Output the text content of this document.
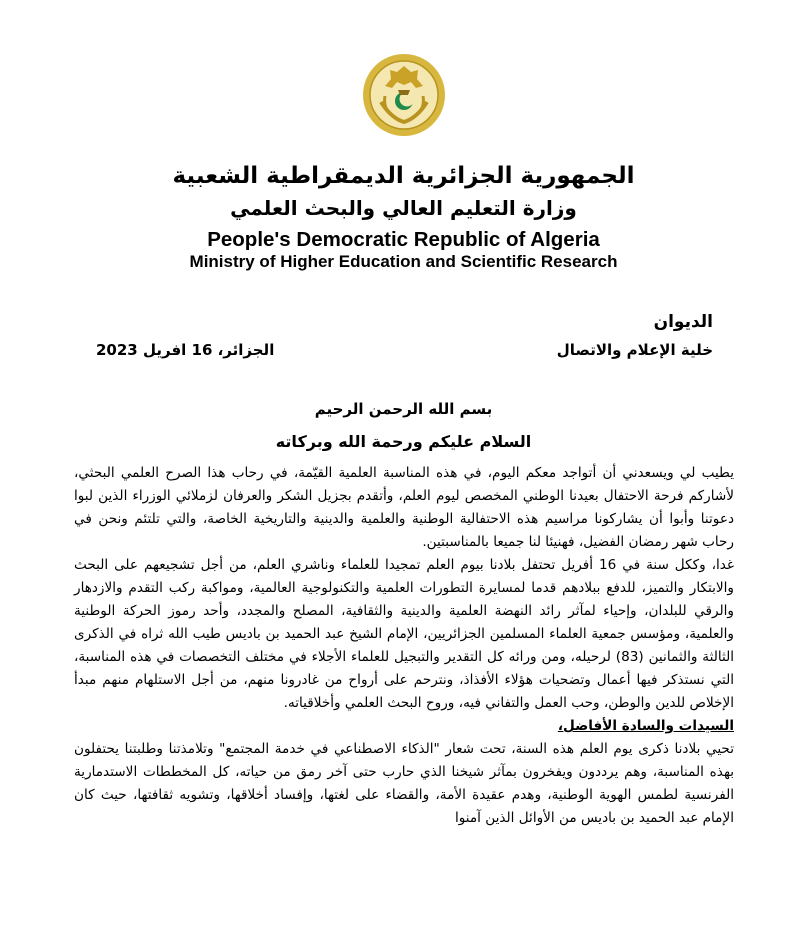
الجمهورية الجزائرية الديمقراطية الشعبية
وزارة التعليم العالي والبحث العلمي
People's Democratic Republic of Algeria
Ministry of Higher Education and Scientific Research
الديوان
خلية الإعلام والاتصال
الجزائر، 16 افريل 2023
بسم الله الرحمن الرحيم
السلام عليكم ورحمة الله وبركاته

يطيب لي ويسعدني أن أتواجد معكم اليوم، في هذه المناسبة العلمية القيّمة، في رحاب هذا الصرح العلمي البحثي، لأشاركم فرحة الاحتفال بعيدنا الوطني المخصص ليوم العلم، وأتقدم بجزيل الشكر والعرفان لزملائي الوزراء الذين لبوا دعوتنا وأبوا أن يشاركونا مراسيم هذه الاحتفالية الوطنية والعلمية والدينية والتاريخية الخاصة، والتي تلتئم ونحن في رحاب شهر رمضان الفضيل، فهنيئا لنا جميعا بالمناسبتين.

غدا، وككل سنة في 16 أفريل تحتفل بلادنا بيوم العلم تمجيدا للعلماء وناشري العلم، من أجل تشجيعهم على البحث والابتكار والتميز، للدفع ببلادهم قدما لمسايرة التطورات العلمية والتكنولوجية العالمية، ومواكبة ركب التقدم والازدهار والرقي للبلدان، وإحياء لمآثر رائد النهضة العلمية والدينية والثقافية، المصلح والمجدد، وأحد رموز الحركة الوطنية والعلمية، ومؤسس جمعية العلماء المسلمين الجزائريين، الإمام الشيخ عبد الحميد بن باديس طيب الله ثراه في الذكرى الثالثة والثمانين (83) لرحيله، ومن ورائه كل التقدير والتبجيل للعلماء الأجلاء في مختلف التخصصات في هذه المناسبة، التي نستذكر فيها أعمال وتضحيات هؤلاء الأفذاذ، ونترحم على أرواح من غادرونا منهم، من أجل الاستلهام منهم مبدأ الإخلاص للدين والوطن، وحب العمل والتفاني فيه، وروح البحث العلمي وأخلاقياته.

السيدات والسادة الأفاضل،

تحيي بلادنا ذكرى يوم العلم هذه السنة، تحت شعار "الذكاء الاصطناعي في خدمة المجتمع" وتلامذتنا وطلبتنا يحتفلون بهذه المناسبة، وهم يرددون ويفخرون بمآثر شيخنا الذي حارب حتى آخر رمق من حياته، كل المخططات الاستدمارية الفرنسية لطمس الهوية الوطنية، وهدم عقيدة الأمة، والقضاء على لغتها، وإفساد أخلاقها، وتشويه ثقافتها، حيث كان الإمام عبد الحميد بن باديس من الأوائل الذين آمنوا
